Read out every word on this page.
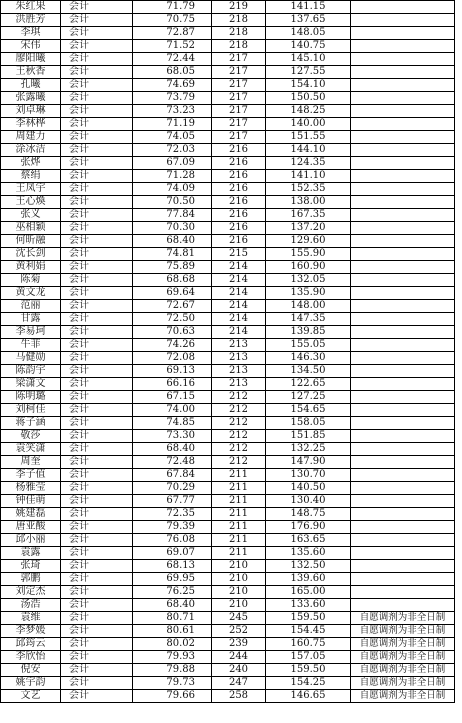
朱红果	会计	71.79	219	141.15	
洪胜芳	会计	70.75	218	137.65	
李琪	会计	72.87	218	148.05	
宋伟	会计	71.52	218	140.75	
廖阳曦	会计	72.44	217	145.10	
王秋香	会计	68.05	217	127.55	
孔曦	会计	74.69	217	154.10	
张露曦	会计	73.79	217	150.50	
刘卓琳	会计	73.23	217	148.25	
李林桦	会计	71.19	217	140.00	
周建力	会计	74.05	217	151.55	
涂冰洁	会计	72.03	216	144.10	
张烨	会计	67.09	216	124.35	
蔡绢	会计	71.28	216	141.10	
王凤宇	会计	74.09	216	152.35	
王心煥	会计	70.50	216	138.00	
张义	会计	77.84	216	167.35	
巫相颖	会计	70.30	216	137.20	
何昕融	会计	68.40	216	129.60	
沈长剑	会计	74.81	215	155.90	
黄利娟	会计	75.89	214	160.90	
陈菊	会计	68.68	214	132.05	
黄文龙	会计	69.64	214	135.90	
范丽	会计	72.67	214	148.00	
甘露	会计	72.50	214	147.35	
李易珂	会计	70.63	214	139.85	
牛菲	会计	74.26	213	155.05	
马健勋	会计	72.08	213	146.30	
陈韵宇	会计	69.13	213	134.50	
梁潇文	会计	66.16	213	122.65	
陈明璐	会计	67.15	212	127.25	
刘柯佳	会计	74.00	212	154.65	
蒋子涵	会计	74.85	212	158.05	
敬莎	会计	73.30	212	151.85	
袁笑潇	会计	68.40	212	132.25	
周奎	会计	72.48	212	147.90	
李子值	会计	67.84	211	130.70	
杨雅莹	会计	70.29	211	140.50	
钟佳萌	会计	67.77	211	130.40	
姚建磊	会计	72.35	211	148.75	
唐亚酸	会计	79.39	211	176.90	
邱小丽	会计	76.08	211	163.65	
袁露	会计	69.07	211	135.60	
张琦	会计	68.13	210	132.50	
郭鹏	会计	69.95	210	139.60	
刘定杰	会计	76.25	210	165.00	
汤浩	会计	68.40	210	133.60	
袁维	会计	80.71	245	159.50	自愿调剂为非全日制
李梦媛	会计	80.61	252	154.45	自愿调剂为非全日制
邱筠云	会计	80.02	239	160.75	自愿调剂为非全日制
李欣怡	会计	79.93	244	157.05	自愿调剂为非全日制
倪安	会计	79.88	240	159.50	自愿调剂为非全日制
姚宇韵	会计	79.73	247	154.25	自愿调剂为非全日制
文艺	会计	79.66	258	146.65	自愿调剂为非全日制
